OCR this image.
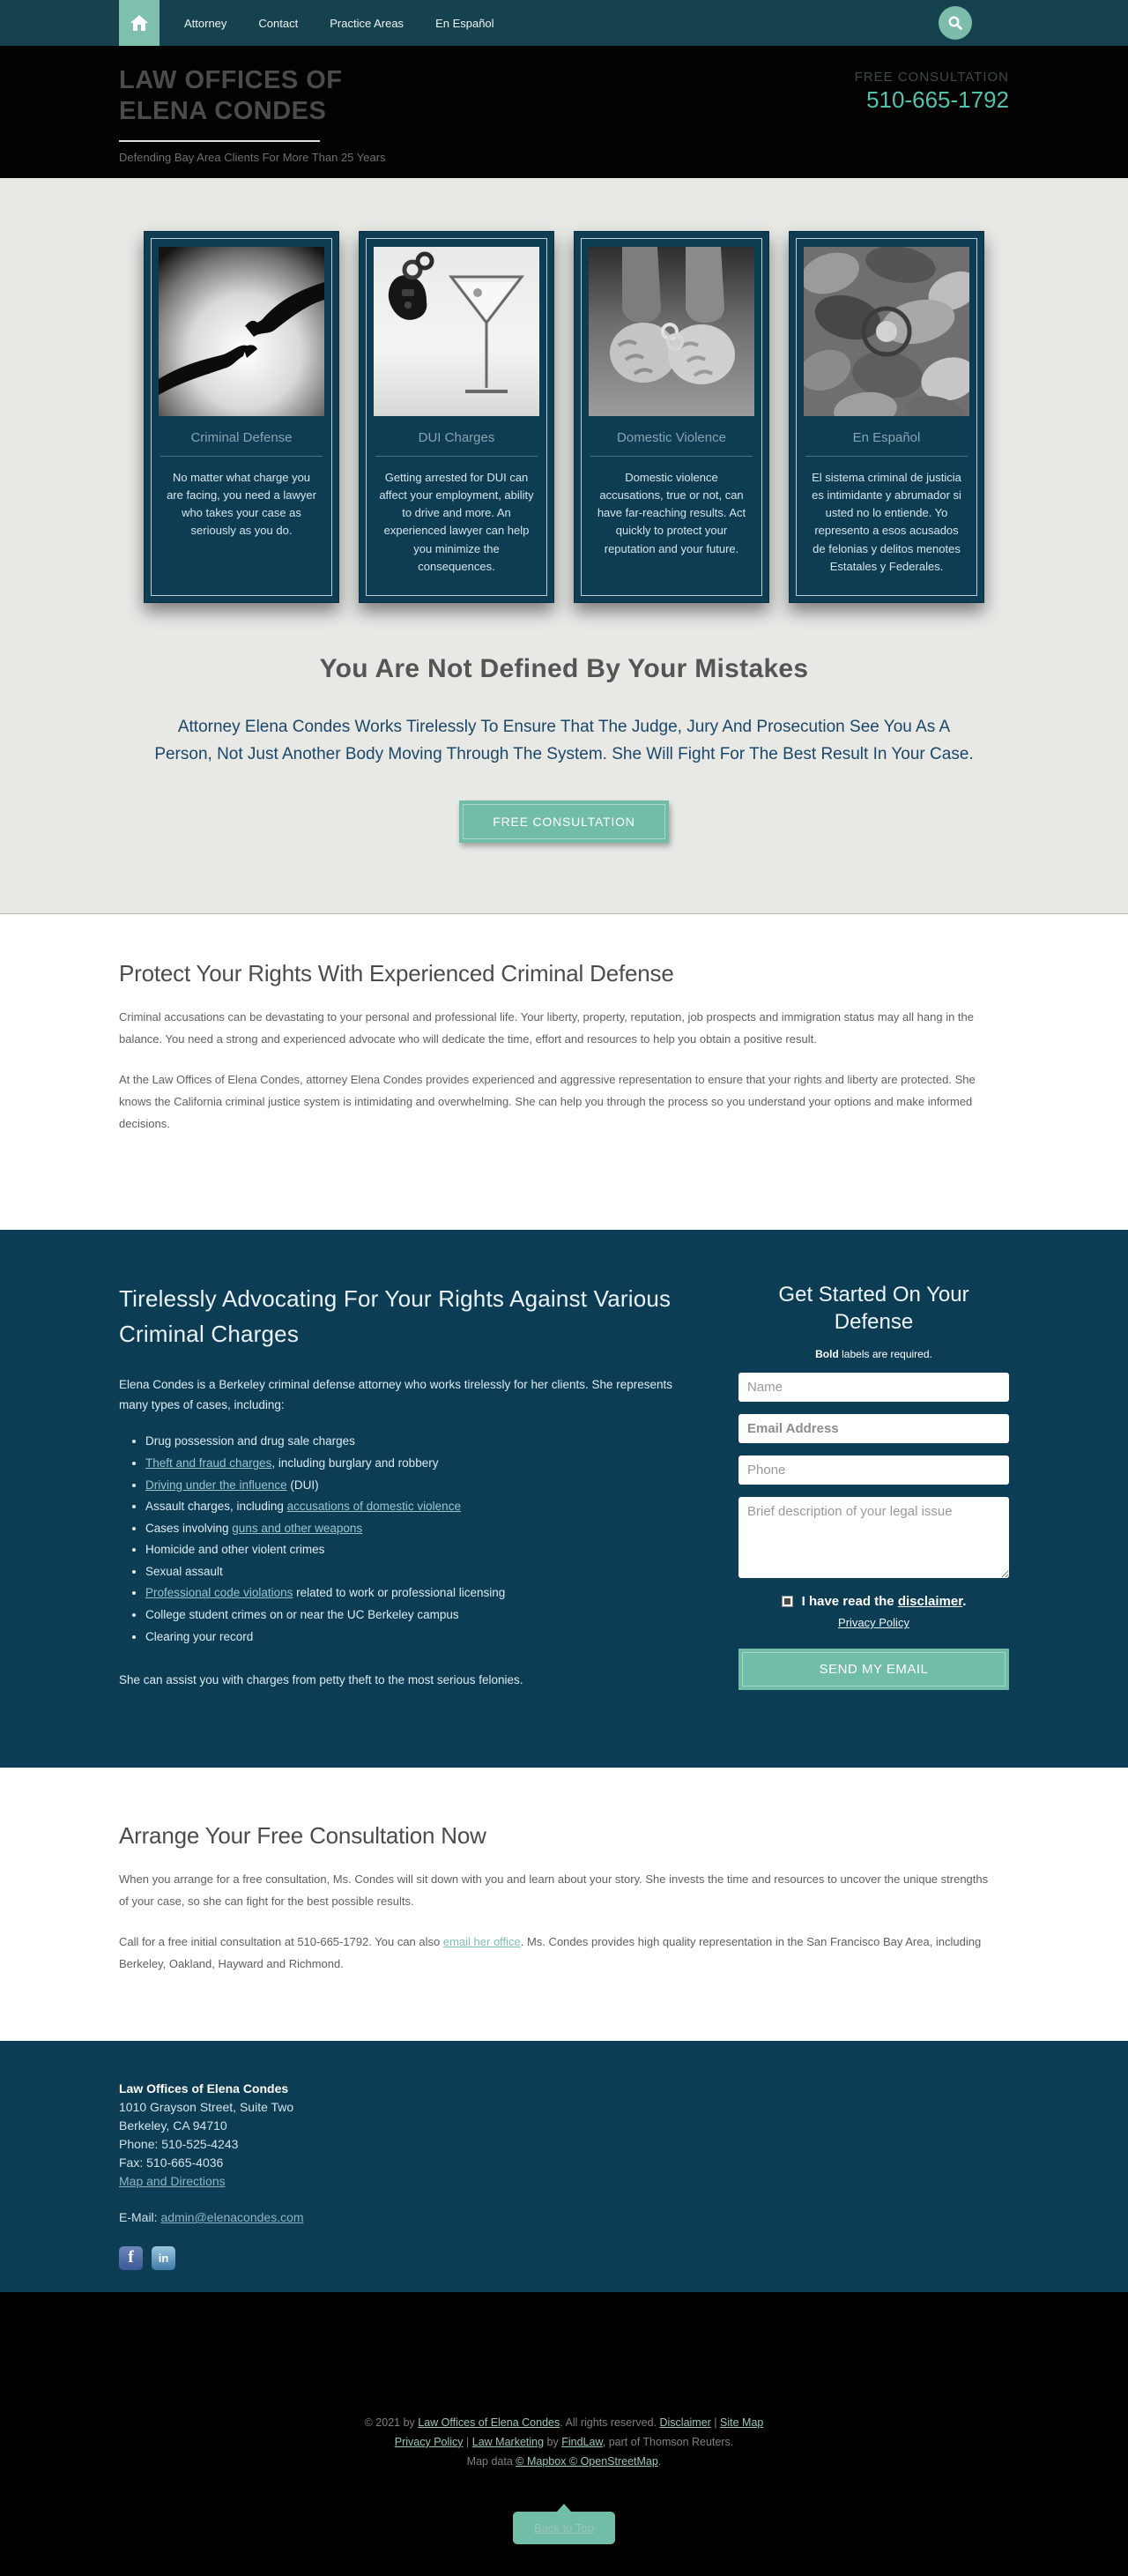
Attorney	Contact	Practice Areas	En Español
LAW OFFICES OF
ELENA CONDES
Defending Bay Area Clients For More Than 25 Years
FREE CONSULTATION
510-665-1792
Criminal Defense

No matter what charge you are facing, you need a lawyer who takes your case as seriously as you do.

DUI Charges

Getting arrested for DUI can affect your employment, ability to drive and more. An experienced lawyer can help you minimize the consequences.

Domestic Violence

Domestic violence accusations, true or not, can have far-reaching results. Act quickly to protect your reputation and your future.

En Español

El sistema criminal de justicia es intimidante y abrumador si usted no lo entiende. Yo represento a esos acusados de felonias y delitos menotes Estatales y Federales.

You Are Not Defined By Your Mistakes

Attorney Elena Condes Works Tirelessly To Ensure That The Judge, Jury And Prosecution See You As A Person, Not Just Another Body Moving Through The System. She Will Fight For The Best Result In Your Case.

FREE CONSULTATION
Protect Your Rights With Experienced Criminal Defense

Criminal accusations can be devastating to your personal and professional life. Your liberty, property, reputation, job prospects and immigration status may all hang in the balance. You need a strong and experienced advocate who will dedicate the time, effort and resources to help you obtain a positive result.

At the Law Offices of Elena Condes, attorney Elena Condes provides experienced and aggressive representation to ensure that your rights and liberty are protected. She knows the California criminal justice system is intimidating and overwhelming. She can help you through the process so you understand your options and make informed decisions.

Tirelessly Advocating For Your Rights Against Various Criminal Charges

Elena Condes is a Berkeley criminal defense attorney who works tirelessly for her clients. She represents many types of cases, including:

• Drug possession and drug sale charges
• Theft and fraud charges, including burglary and robbery
• Driving under the influence (DUI)
• Assault charges, including accusations of domestic violence
• Cases involving guns and other weapons
• Homicide and other violent crimes
• Sexual assault
• Professional code violations related to work or professional licensing
• College student crimes on or near the UC Berkeley campus
• Clearing your record

She can assist you with charges from petty theft to the most serious felonies.

Get Started On Your
Defense
Bold labels are required.
Name
Email Address
Phone
Brief description of your legal issue
I have read the disclaimer.
Privacy Policy SEND MY EMAIL
Arrange Your Free Consultation Now

When you arrange for a free consultation, Ms. Condes will sit down with you and learn about your story. She invests the time and resources to uncover the unique strengths of your case, so she can fight for the best possible results.

Call for a free initial consultation at 510-665-1792. You can also email her office. Ms. Condes provides high quality representation in the San Francisco Bay Area, including Berkeley, Oakland, Hayward and Richmond.

Law Offices of Elena Condes
1010 Grayson Street, Suite Two
Berkeley, CA 94710
Phone: 510-525-4243
Fax: 510-665-4036
Map and Directions
E-Mail: admin@elenacondes.com
f	in

© 2021 by Law Offices of Elena Condes. All rights reserved. Disclaimer | Site Map

Privacy Policy | Law Marketing by FindLaw, part of Thomson Reuters.

Map data © Mapbox © OpenStreetMap.

Back to Top
